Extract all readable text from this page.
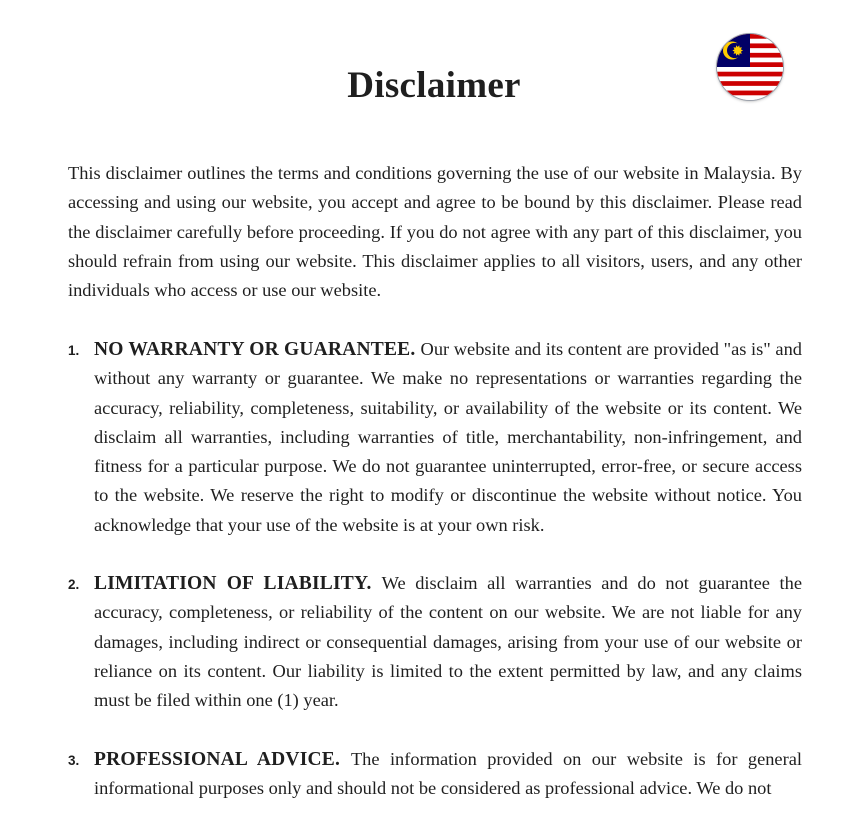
Disclaimer

This disclaimer outlines the terms and conditions governing the use of our website in Malaysia. By accessing and using our website, you accept and agree to be bound by this disclaimer. Please read the disclaimer carefully before proceeding. If you do not agree with any part of this disclaimer, you should refrain from using our website. This disclaimer applies to all visitors, users, and any other individuals who access or use our website.

1. NO WARRANTY OR GUARANTEE. Our website and its content are provided "as is" and without any warranty or guarantee. We make no representations or warranties regarding the accuracy, reliability, completeness, suitability, or availability of the website or its content. We disclaim all warranties, including warranties of title, merchantability, non-infringement, and fitness for a particular purpose. We do not guarantee uninterrupted, error-free, or secure access to the website. We reserve the right to modify or discontinue the website without notice. You acknowledge that your use of the website is at your own risk.
2. LIMITATION OF LIABILITY. We disclaim all warranties and do not guarantee the accuracy, completeness, or reliability of the content on our website. We are not liable for any damages, including indirect or consequential damages, arising from your use of our website or reliance on its content. Our liability is limited to the extent permitted by law, and any claims must be filed within one (1) year.
3. PROFESSIONAL ADVICE. The information provided on our website is for general informational purposes only and should not be considered as professional advice. We do not
